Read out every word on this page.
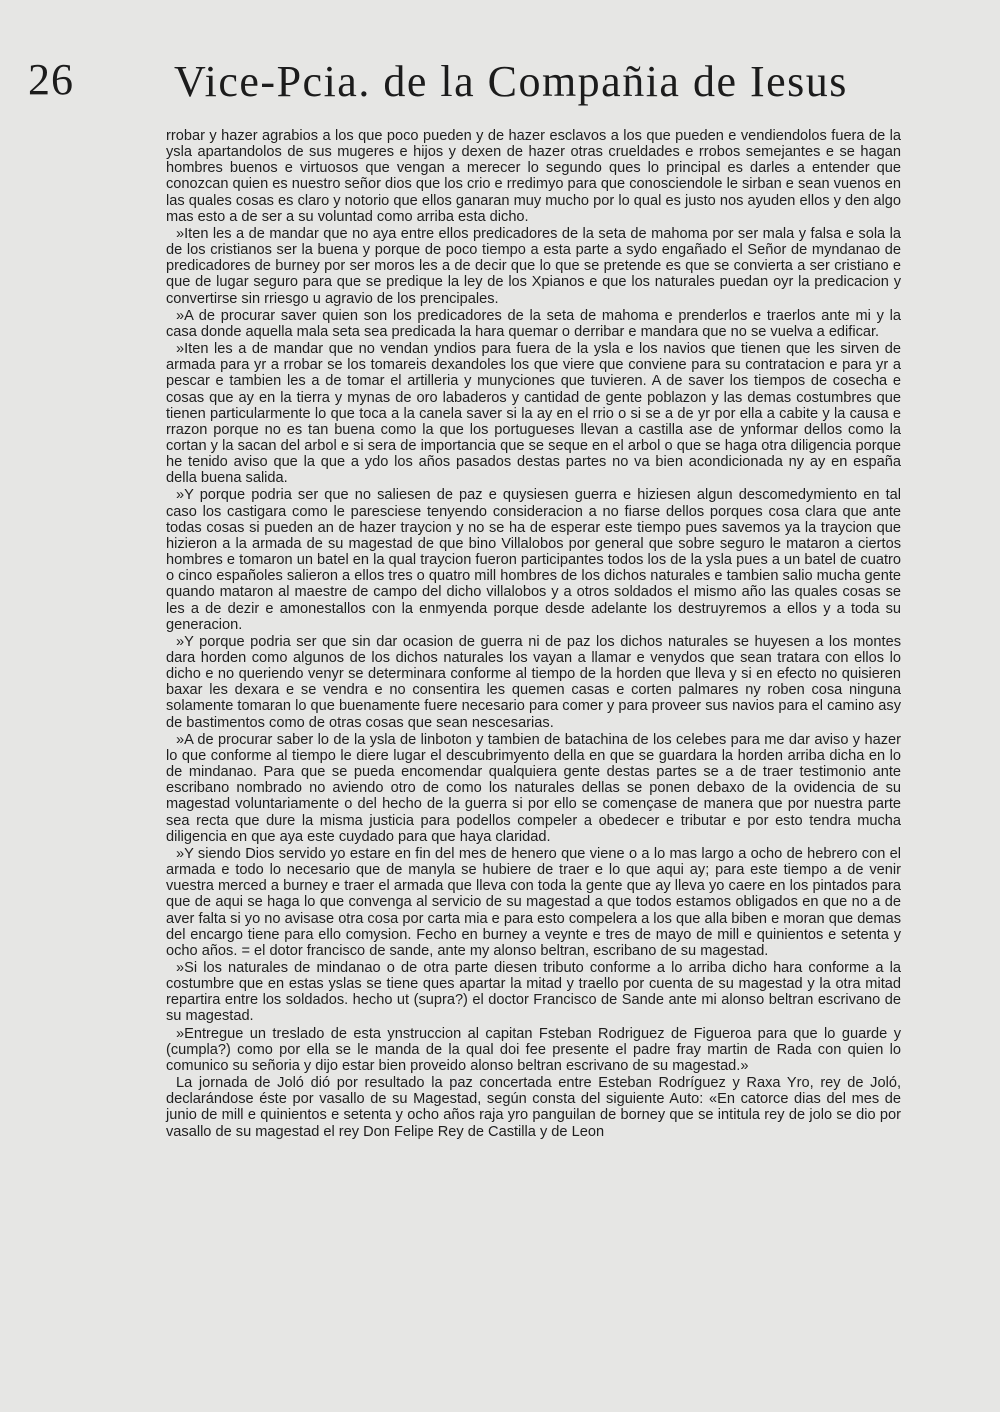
26 Vice-Pcia. de la Compañia de Iesus

rrobar y hazer agrabios a los que poco pueden y de hazer esclavos a los que pueden e vendiendolos fuera de la ysla apartandolos de sus mugeres e hijos y dexen de hazer otras crueldades e rrobos semejantes e se hagan hombres buenos e virtuosos que vengan a merecer lo segundo ques lo principal es darles a entender que conozcan quien es nuestro señor dios que los crio e rredimyo para que conosciendole le sirban e sean vuenos en las quales cosas es claro y notorio que ellos ganaran muy mucho por lo qual es justo nos ayuden ellos y den algo mas esto a de ser a su voluntad como arriba esta dicho.

»Iten les a de mandar que no aya entre ellos predicadores de la seta de mahoma por ser mala y falsa e sola la de los cristianos ser la buena y porque de poco tiempo a esta parte a sydo engañado el Señor de myndanao de predicadores de burney por ser moros les a de decir que lo que se pretende es que se convierta a ser cristiano e que de lugar seguro para que se predique la ley de los Xpianos e que los naturales puedan oyr la predicacion y convertirse sin rriesgo u agravio de los prencipales.

»A de procurar saver quien son los predicadores de la seta de mahoma e prenderlos e traerlos ante mi y la casa donde aquella mala seta sea predicada la hara quemar o derribar e mandara que no se vuelva a edificar.

»Iten les a de mandar que no vendan yndios para fuera de la ysla e los navios que tienen que les sirven de armada para yr a rrobar se los tomareis dexandoles los que viere que conviene para su contratacion e para yr a pescar e tambien les a de tomar el artilleria y munyciones que tuvieren. A de saver los tiempos de cosecha e cosas que ay en la tierra y mynas de oro labaderos y cantidad de gente poblazon y las demas costumbres que tienen particularmente lo que toca a la canela saver si la ay en el rrio o si se a de yr por ella a cabite y la causa e rrazon porque no es tan buena como la que los portugueses llevan a castilla ase de ynformar dellos como la cortan y la sacan del arbol e si sera de importancia que se seque en el arbol o que se haga otra diligencia porque he tenido aviso que la que a ydo los años pasados destas partes no va bien acondicionada ny ay en españa della buena salida.

»Y porque podria ser que no saliesen de paz e quysiesen guerra e hiziesen algun descomedymiento en tal caso los castigara como le paresciese tenyendo consideracion a no fiarse dellos porques cosa clara que ante todas cosas si pueden an de hazer traycion y no se ha de esperar este tiempo pues savemos ya la traycion que hizieron a la armada de su magestad de que bino Villalobos por general que sobre seguro le mataron a ciertos hombres e tomaron un batel en la qual traycion fueron participantes todos los de la ysla pues a un batel de cuatro o cinco españoles salieron a ellos tres o quatro mill hombres de los dichos naturales e tambien salio mucha gente quando mataron al maestre de campo del dicho villalobos y a otros soldados el mismo año las quales cosas se les a de dezir e amonestallos con la enmyenda porque desde adelante los destruyremos a ellos y a toda su generacion.

»Y porque podria ser que sin dar ocasion de guerra ni de paz los dichos naturales se huyesen a los montes dara horden como algunos de los dichos naturales los vayan a llamar e venydos que sean tratara con ellos lo dicho e no queriendo venyr se determinara conforme al tiempo de la horden que lleva y si en efecto no quisieren baxar les dexara e se vendra e no consentira les quemen casas e corten palmares ny roben cosa ninguna solamente tomaran lo que buenamente fuere necesario para comer y para proveer sus navios para el camino asy de bastimentos como de otras cosas que sean nescesarias.

»A de procurar saber lo de la ysla de linboton y tambien de batachina de los celebes para me dar aviso y hazer lo que conforme al tiempo le diere lugar el descubrimyento della en que se guardara la horden arriba dicha en lo de mindanao. Para que se pueda encomendar qualquiera gente destas partes se a de traer testimonio ante escribano nombrado no aviendo otro de como los naturales dellas se ponen debaxo de la ovidencia de su magestad voluntariamente o del hecho de la guerra si por ello se començase de manera que por nuestra parte sea recta que dure la misma justicia para podellos compeler a obedecer e tributar e por esto tendra mucha diligencia en que aya este cuydado para que haya claridad.

»Y siendo Dios servido yo estare en fin del mes de henero que viene o a lo mas largo a ocho de hebrero con el armada e todo lo necesario que de manyla se hubiere de traer e lo que aqui ay; para este tiempo a de venir vuestra merced a burney e traer el armada que lleva con toda la gente que ay lleva yo caere en los pintados para que de aqui se haga lo que convenga al servicio de su magestad a que todos estamos obligados en que no a de aver falta si yo no avisase otra cosa por carta mia e para esto compelera a los que alla biben e moran que demas del encargo tiene para ello comysion. Fecho en burney a veynte e tres de mayo de mill e quinientos e setenta y ocho años. = el dotor francisco de sande, ante my alonso beltran, escribano de su magestad.

»Si los naturales de mindanao o de otra parte diesen tributo conforme a lo arriba dicho hara conforme a la costumbre que en estas yslas se tiene ques apartar la mitad y traello por cuenta de su magestad y la otra mitad repartira entre los soldados. hecho ut (supra?) el doctor Francisco de Sande ante mi alonso beltran escrivano de su magestad.

»Entregue un treslado de esta ynstruccion al capitan Fsteban Rodriguez de Figueroa para que lo guarde y (cumpla?) como por ella se le manda de la qual doi fee presente el padre fray martin de Rada con quien lo comunico su señoria y dijo estar bien proveido alonso beltran escrivano de su magestad.»

La jornada de Joló dió por resultado la paz concertada entre Esteban Rodríguez y Raxa Yro, rey de Joló, declarándose éste por vasallo de su Magestad, según consta del siguiente Auto: «En catorce dias del mes de junio de mill e quinientos e setenta y ocho años raja yro panguilan de borney que se intitula rey de jolo se dio por vasallo de su magestad el rey Don Felipe Rey de Castilla y de Leon
